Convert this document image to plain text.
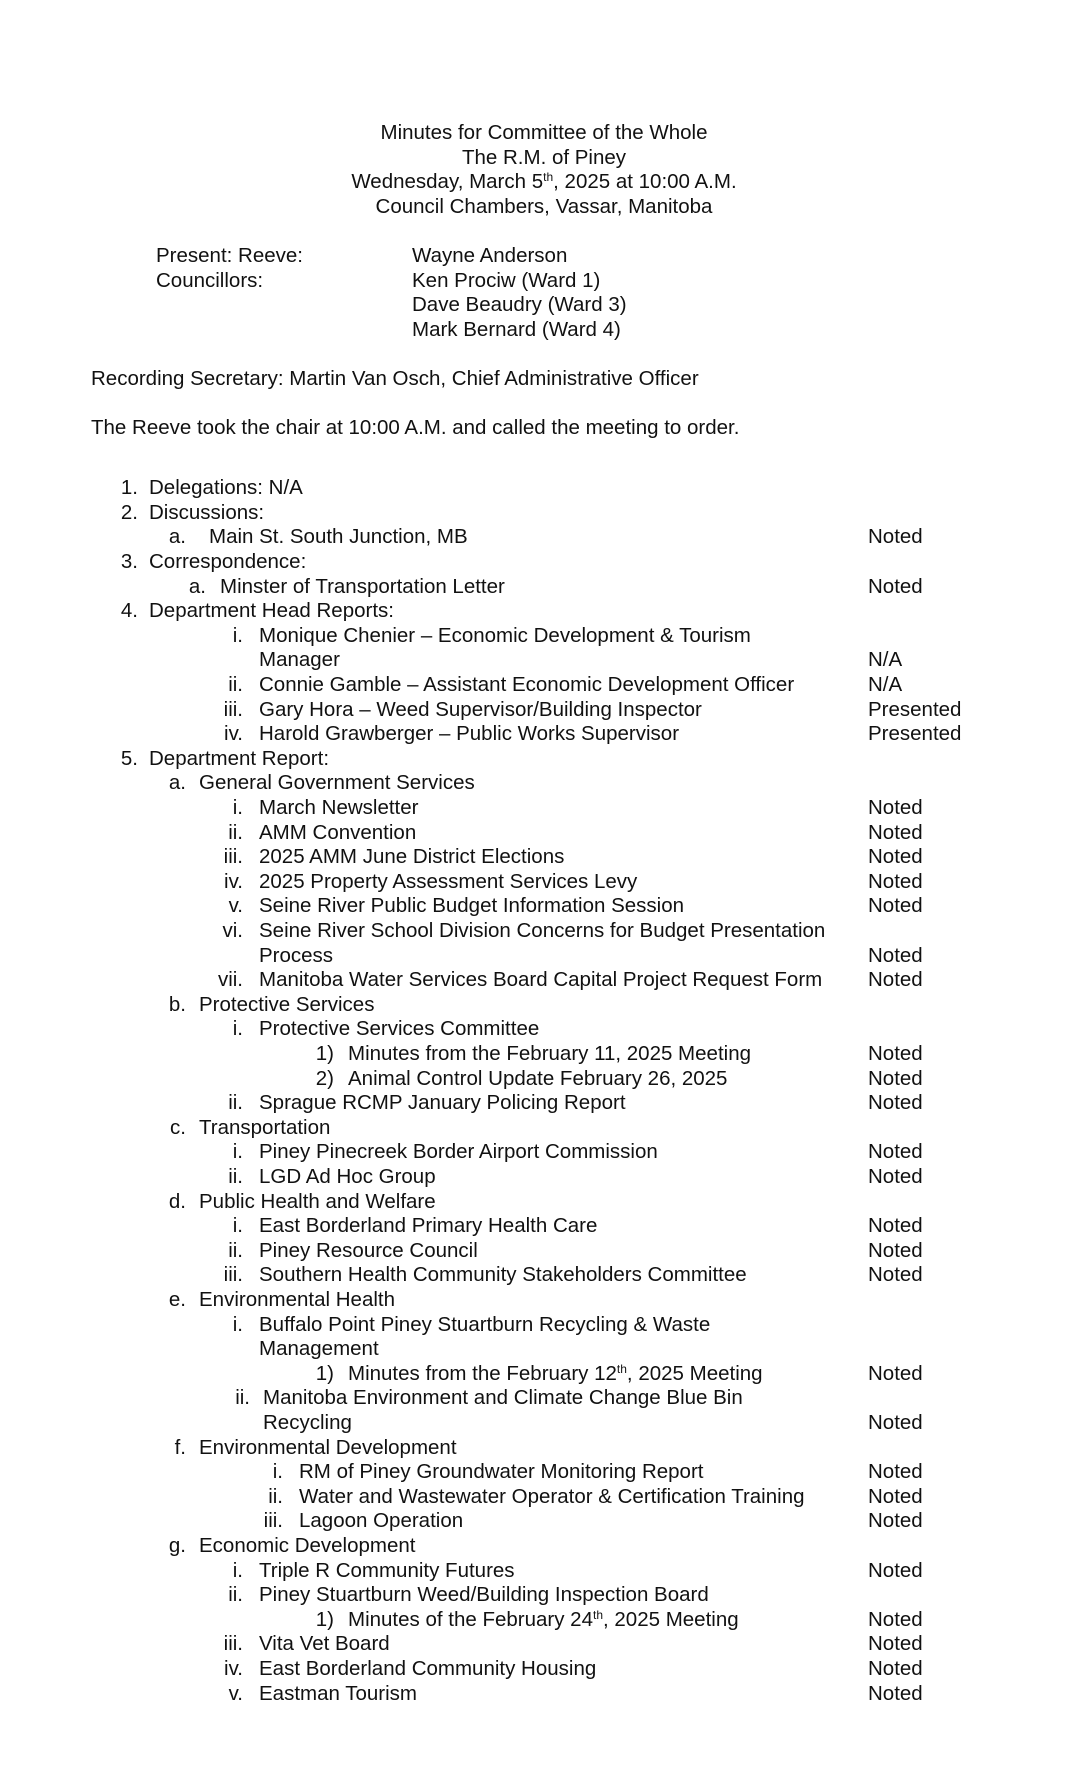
Minutes for Committee of the Whole
The R.M. of Piney
Wednesday, March 5th, 2025 at 10:00 A.M.
Council Chambers, Vassar, Manitoba
Present: Reeve:	Wayne Anderson
Councillors:	Ken Prociw (Ward 1)
Dave Beaudry (Ward 3)
Mark Bernard (Ward 4)
Recording Secretary: Martin Van Osch, Chief Administrative Officer
The Reeve took the chair at 10:00 A.M. and called the meeting to order.
1. Delegations: N/A
2. Discussions:
a. Main St. South Junction, MB	Noted
3. Correspondence:
a. Minster of Transportation Letter	Noted
4. Department Head Reports:
i. Monique Chenier – Economic Development & Tourism
Manager	N/A
ii. Connie Gamble – Assistant Economic Development Officer	N/A
iii. Gary Hora – Weed Supervisor/Building Inspector	Presented
iv. Harold Grawberger – Public Works Supervisor	Presented
5. Department Report:
a. General Government Services
i. March Newsletter	Noted
ii. AMM Convention	Noted
iii. 2025 AMM June District Elections	Noted
iv. 2025 Property Assessment Services Levy	Noted
v. Seine River Public Budget Information Session	Noted
vi. Seine River School Division Concerns for Budget Presentation
Process	Noted
vii. Manitoba Water Services Board Capital Project Request Form Noted
b. Protective Services
i. Protective Services Committee
1) Minutes from the February 11, 2025 Meeting	Noted
2) Animal Control Update February 26, 2025	Noted
ii. Sprague RCMP January Policing Report	Noted
c. Transportation
i. Piney Pinecreek Border Airport Commission	Noted
ii. LGD Ad Hoc Group	Noted
d. Public Health and Welfare
i. East Borderland Primary Health Care	Noted
ii. Piney Resource Council	Noted
iii. Southern Health Community Stakeholders Committee	Noted
e. Environmental Health
i. Buffalo Point Piney Stuartburn Recycling & Waste
Management
1) Minutes from the February 12th, 2025 Meeting	Noted
ii. Manitoba Environment and Climate Change Blue Bin
Recycling	Noted
f. Environmental Development
i. RM of Piney Groundwater Monitoring Report	Noted
ii. Water and Wastewater Operator & Certification Training	Noted
iii. Lagoon Operation	Noted
g. Economic Development
i. Triple R Community Futures	Noted
ii. Piney Stuartburn Weed/Building Inspection Board
1) Minutes of the February 24th, 2025 Meeting	Noted
iii. Vita Vet Board	Noted
iv. East Borderland Community Housing	Noted
v. Eastman Tourism	Noted
